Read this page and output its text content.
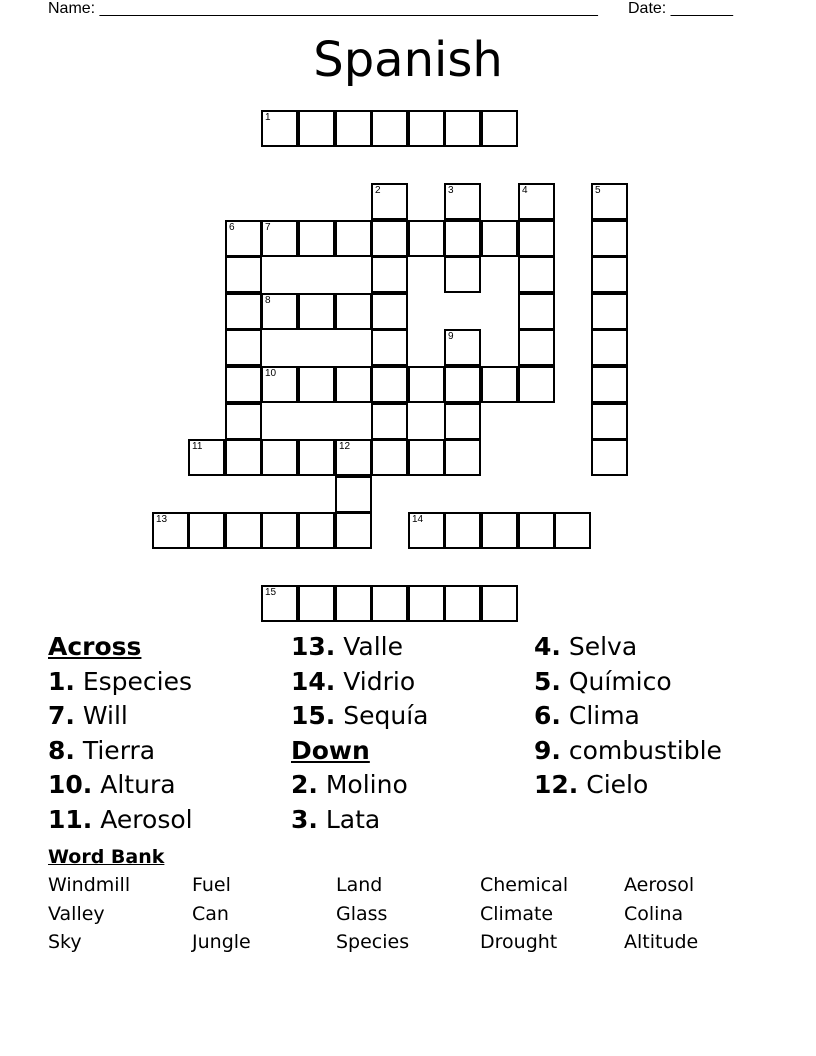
Name: ________________________________________________________ Date: _______
Spanish
1
2	3	4	5
6	7
8
9
10
11	12
13	14
15
Across
1. Especies
7. Will
8. Tierra
10. Altura
11. Aerosol
13. Valle
14. Vidrio
15. Sequía
Down
2. Molino
3. Lata
4. Selva
5. Químico
6. Clima
9. combustible
12. Cielo
Word Bank
Windmill	Fuel	Land	Chemical	Aerosol
Valley	Can	Glass	Climate	Colina
Sky	Jungle	Species	Drought	Altitude
